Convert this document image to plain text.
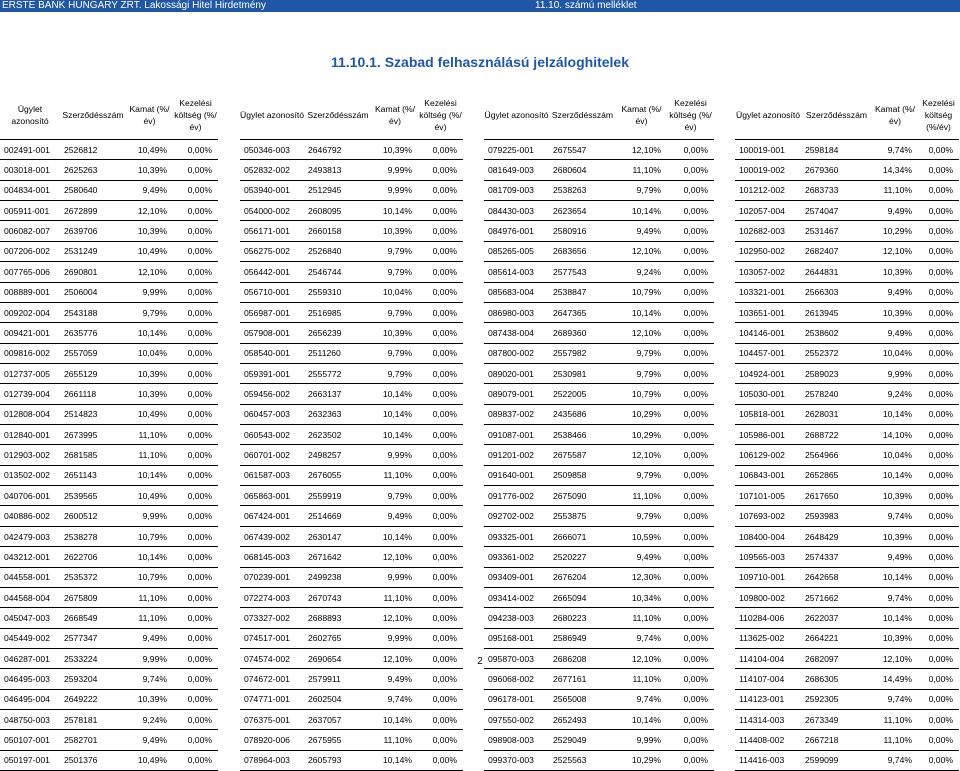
ERSTE BANK HUNGARY ZRT. Lakossági Hitel Hirdetmény	11.10. számú melléklet
11.10.1. Szabad felhasználású jelzáloghitelek
Ügylet azonosító	Szerződésszám	Kamat (%/év)	Kezelési költség (%/év)		Ügylet azonosító	Szerződésszám	Kamat (%/év)	Kezelési költség (%/év)		Ügylet azonosító	Szerződésszám	Kamat (%/év)	Kezelési költség (%/év)		Ügylet azonosító	Szerződésszám	Kamat (%/év)	Kezelési költség (%/év)
002491-001	2526812	10,49%	0,00%		050346-003	2646792	10,39%	0,00%		079225-001	2675547	12,10%	0,00%		100019-001	2598184	9,74%	0,00%
003018-001	2625263	10,39%	0,00%		052832-002	2493813	9,99%	0,00%		081649-003	2680604	11,10%	0,00%		100019-002	2679360	14,34%	0,00%
004834-001	2580640	9,49%	0,00%		053940-001	2512945	9,99%	0,00%		081709-003	2538263	9,79%	0,00%		101212-002	2683733	11,10%	0,00%
005911-001	2672899	12,10%	0,00%		054000-002	2608095	10,14%	0,00%		084430-003	2623654	10,14%	0,00%		102057-004	2574047	9,49%	0,00%
006082-007	2639706	10,39%	0,00%		056171-001	2660158	10,39%	0,00%		084976-001	2580916	9,49%	0,00%		102682-003	2531467	10,29%	0,00%
007206-002	2531249	10,49%	0,00%		056275-002	2526840	9,79%	0,00%		085265-005	2683656	12,10%	0,00%		102950-002	2682407	12,10%	0,00%
007765-006	2690801	12,10%	0,00%		056442-001	2546744	9,79%	0,00%		085614-003	2577543	9,24%	0,00%		103057-002	2644831	10,39%	0,00%
008889-001	2506004	9,99%	0,00%		056710-001	2559310	10,04%	0,00%		085683-004	2538847	10,79%	0,00%		103321-001	2566303	9,49%	0,00%
009202-004	2543188	9,79%	0,00%		056987-001	2516985	9,79%	0,00%		086980-003	2647365	10,14%	0,00%		103651-001	2613945	10,39%	0,00%
009421-001	2635776	10,14%	0,00%		057908-001	2656239	10,39%	0,00%		087438-004	2689360	12,10%	0,00%		104146-001	2538602	9,49%	0,00%
009816-002	2557059	10,04%	0,00%		058540-001	2511260	9,79%	0,00%		087800-002	2557982	9,79%	0,00%		104457-001	2552372	10,04%	0,00%
012737-005	2655129	10,39%	0,00%		059391-001	2555772	9,79%	0,00%		089020-001	2530981	9,79%	0,00%		104924-001	2589023	9,99%	0,00%
012739-004	2661118	10,39%	0,00%		059456-002	2663137	10,14%	0,00%		089079-001	2522005	10,79%	0,00%		105030-001	2578240	9,24%	0,00%
012808-004	2514823	10,49%	0,00%		060457-003	2632363	10,14%	0,00%		089837-002	2435686	10,29%	0,00%		105818-001	2628031	10,14%	0,00%
012840-001	2673995	11,10%	0,00%		060543-002	2623502	10,14%	0,00%		091087-001	2538466	10,29%	0,00%		105986-001	2688722	14,10%	0,00%
012903-002	2681585	11,10%	0,00%		060701-002	2498257	9,99%	0,00%		091201-002	2675587	12,10%	0,00%		106129-002	2564966	10,04%	0,00%
013502-002	2651143	10,14%	0,00%		061587-003	2676055	11,10%	0,00%		091640-001	2509858	9,79%	0,00%		106843-001	2652865	10,14%	0,00%
040706-001	2539565	10,49%	0,00%		065863-001	2559919	9,79%	0,00%		091776-002	2675090	11,10%	0,00%		107101-005	2617650	10,39%	0,00%
040886-002	2600512	9,99%	0,00%		067424-001	2514669	9,49%	0,00%		092702-002	2553875	9,79%	0,00%		107693-002	2593983	9,74%	0,00%
042479-003	2538278	10,79%	0,00%		067439-002	2630147	10,14%	0,00%		093325-001	2666071	10,59%	0,00%		108400-004	2648429	10,39%	0,00%
043212-001	2622706	10,14%	0,00%		068145-003	2671642	12,10%	0,00%		093361-002	2520227	9,49%	0,00%		109565-003	2574337	9,49%	0,00%
044558-001	2535372	10,79%	0,00%		070239-001	2499238	9,99%	0,00%		093409-001	2676204	12,30%	0,00%		109710-001	2642658	10,14%	0,00%
044568-004	2675809	11,10%	0,00%		072274-003	2670743	11,10%	0,00%		093414-002	2665094	10,34%	0,00%		109800-002	2571662	9,74%	0,00%
045047-003	2668549	11,10%	0,00%		073327-002	2688893	12,10%	0,00%		094238-003	2680223	11,10%	0,00%		110284-006	2622037	10,14%	0,00%
045449-002	2577347	9,49%	0,00%		074517-001	2602765	9,99%	0,00%		095168-001	2586949	9,74%	0,00%		113625-002	2664221	10,39%	0,00%
046287-001	2533224	9,99%	0,00%		074574-002	2690654	12,10%	0,00%		095870-003	2686208	12,10%	0,00%		114104-004	2682097	12,10%	0,00%
046495-003	2593204	9,74%	0,00%		074672-001	2579911	9,49%	0,00%		096068-002	2677161	11,10%	0,00%		114107-004	2686305	14,49%	0,00%
046495-004	2649222	10,39%	0,00%		074771-001	2602504	9,74%	0,00%		096178-001	2565008	9,74%	0,00%		114123-001	2592305	9,74%	0,00%
048750-003	2578181	9,24%	0,00%		076375-001	2637057	10,14%	0,00%		097550-002	2652493	10,14%	0,00%		114314-003	2673349	11,10%	0,00%
050107-001	2582701	9,49%	0,00%		078920-006	2675955	11,10%	0,00%		098908-003	2529049	9,99%	0,00%		114408-002	2667218	11,10%	0,00%
050197-001	2501376	10,49%	0,00%		078964-003	2605793	10,14%	0,00%		099370-003	2525563	10,29%	0,00%		114416-003	2599099	9,74%	0,00%
2
